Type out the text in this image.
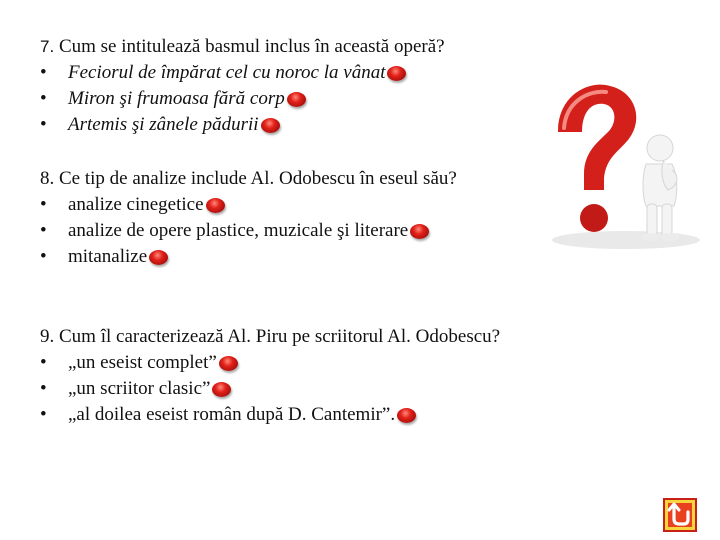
7. Cum se intitulează basmul inclus în această operă?
•	Feciorul de împărat cel cu noroc la vânat
•	Miron şi frumoasa fără corp
•	Artemis şi zânele pădurii
8. Ce tip de analize include Al. Odobescu în eseul său?
•	analize cinegetice
•	analize de opere plastice, muzicale şi literare
•	mitanalize
9. Cum îl caracterizează Al. Piru pe scriitorul Al. Odobescu?
•	„un eseist complet”
•	„un scriitor clasic”
•	„al doilea eseist român după D. Cantemir”.
